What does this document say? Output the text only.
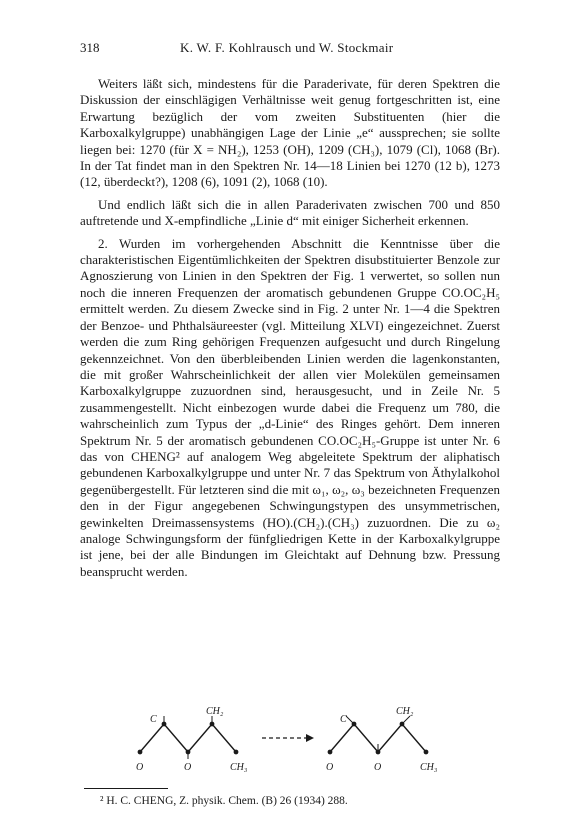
318	K. W. F. Kohlrausch und W. Stockmair

Weiters läßt sich, mindestens für die Paraderivate, für deren Spektren die Diskussion der einschlägigen Verhältnisse weit genug fortgeschritten ist, eine Erwartung bezüglich der vom zweiten Substituenten (hier die Karboxalkylgruppe) unabhängigen Lage der Linie „e“ aussprechen; sie sollte liegen bei: 1270 (für X = NH₂), 1253 (OH), 1209 (CH₃), 1079 (Cl), 1068 (Br). In der Tat findet man in den Spektren Nr. 14—18 Linien bei 1270 (12 b), 1273 (12, überdeckt?), 1208 (6), 1091 (2), 1068 (10).

Und endlich läßt sich die in allen Paraderivaten zwischen 700 und 850 auftretende und X-empfindliche „Linie d“ mit einiger Sicherheit erkennen.

2. Wurden im vorhergehenden Abschnitt die Kenntnisse über die charakteristischen Eigentümlichkeiten der Spektren disubstituierter Benzole zur Agnoszierung von Linien in den Spektren der Fig. 1 verwertet, so sollen nun noch die inneren Frequenzen der aromatisch gebundenen Gruppe CO.OC₂H₅ ermittelt werden. Zu diesem Zwecke sind in Fig. 2 unter Nr. 1—4 die Spektren der Benzoe- und Phthalsäureester (vgl. Mitteilung XLVI) eingezeichnet. Zuerst werden die zum Ring gehörigen Frequenzen aufgesucht und durch Ringelung gekennzeichnet. Von den überbleibenden Linien werden die lagenkonstanten, die mit großer Wahrscheinlichkeit der allen vier Molekülen gemeinsamen Karboxalkylgruppe zuzuordnen sind, herausgesucht, und in Zeile Nr. 5 zusammengestellt. Nicht einbezogen wurde dabei die Frequenz um 780, die wahrscheinlich zum Typus der „d-Linie“ des Ringes gehört. Dem inneren Spektrum Nr. 5 der aromatisch gebundenen CO.OC₂H₅-Gruppe ist unter Nr. 6 das von CHENG² auf analogem Weg abgeleitete Spektrum der aliphatisch gebundenen Karboxalkylgruppe und unter Nr. 7 das Spektrum von Äthylalkohol gegenübergestellt. Für letzteren sind die mit ω₁, ω₂, ω₃ bezeichneten Frequenzen den in der Figur angegebenen Schwingungstypen des unsymmetrischen, gewinkelten Dreimassensystems (HO).(CH₂).(CH₃) zuzuordnen. Die zu ω₂ analoge Schwingungsform der fünfgliedrigen Kette in der Karboxalkylgruppe ist jene, bei der alle Bindungen im Gleichtakt auf Dehnung bzw. Pressung beansprucht werden.

C
CH₂
O	O	CH₃
C
CH₂
O	O	CH₃
² H. C. CHENG, Z. physik. Chem. (B) 26 (1934) 288.
